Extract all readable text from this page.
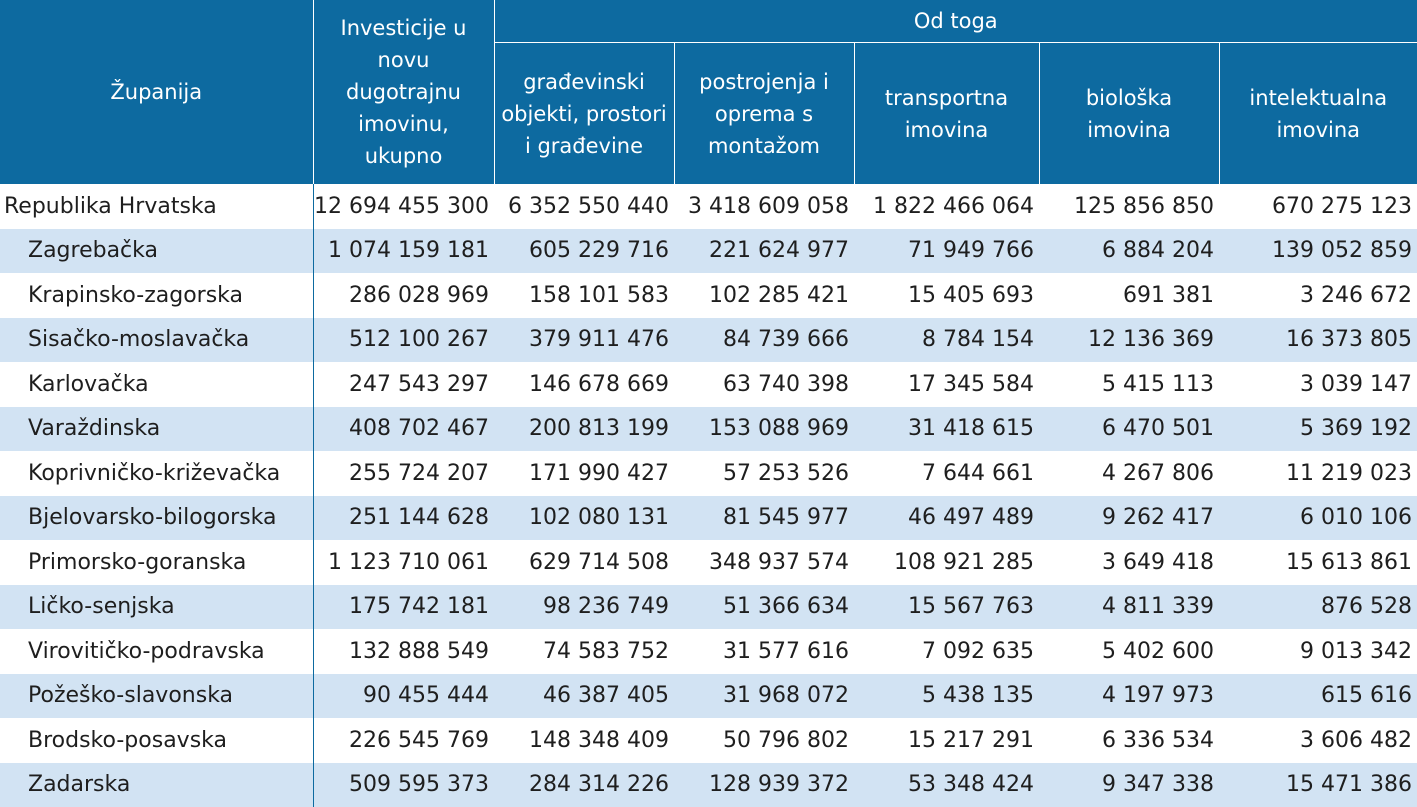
Županija	Investicije u novu dugotrajnu imovinu, ukupno	Od toga				
		građevinski objekti, prostori i građevine	postrojenja i oprema s montažom	transportna imovina	biološka imovina	intelektualna imovina
Republika Hrvatska	12 694 455 300	6 352 550 440	3 418 609 058	1 822 466 064	125 856 850	670 275 123
Zagrebačka	1 074 159 181	605 229 716	221 624 977	71 949 766	6 884 204	139 052 859
Krapinsko-zagorska	286 028 969	158 101 583	102 285 421	15 405 693	691 381	3 246 672
Sisačko-moslavačka	512 100 267	379 911 476	84 739 666	8 784 154	12 136 369	16 373 805
Karlovačka	247 543 297	146 678 669	63 740 398	17 345 584	5 415 113	3 039 147
Varaždinska	408 702 467	200 813 199	153 088 969	31 418 615	6 470 501	5 369 192
Koprivničko-križevačka	255 724 207	171 990 427	57 253 526	7 644 661	4 267 806	11 219 023
Bjelovarsko-bilogorska	251 144 628	102 080 131	81 545 977	46 497 489	9 262 417	6 010 106
Primorsko-goranska	1 123 710 061	629 714 508	348 937 574	108 921 285	3 649 418	15 613 861
Ličko-senjska	175 742 181	98 236 749	51 366 634	15 567 763	4 811 339	876 528
Virovitičko-podravska	132 888 549	74 583 752	31 577 616	7 092 635	5 402 600	9 013 342
Požeško-slavonska	90 455 444	46 387 405	31 968 072	5 438 135	4 197 973	615 616
Brodsko-posavska	226 545 769	148 348 409	50 796 802	15 217 291	6 336 534	3 606 482
Zadarska	509 595 373	284 314 226	128 939 372	53 348 424	9 347 338	15 471 386
